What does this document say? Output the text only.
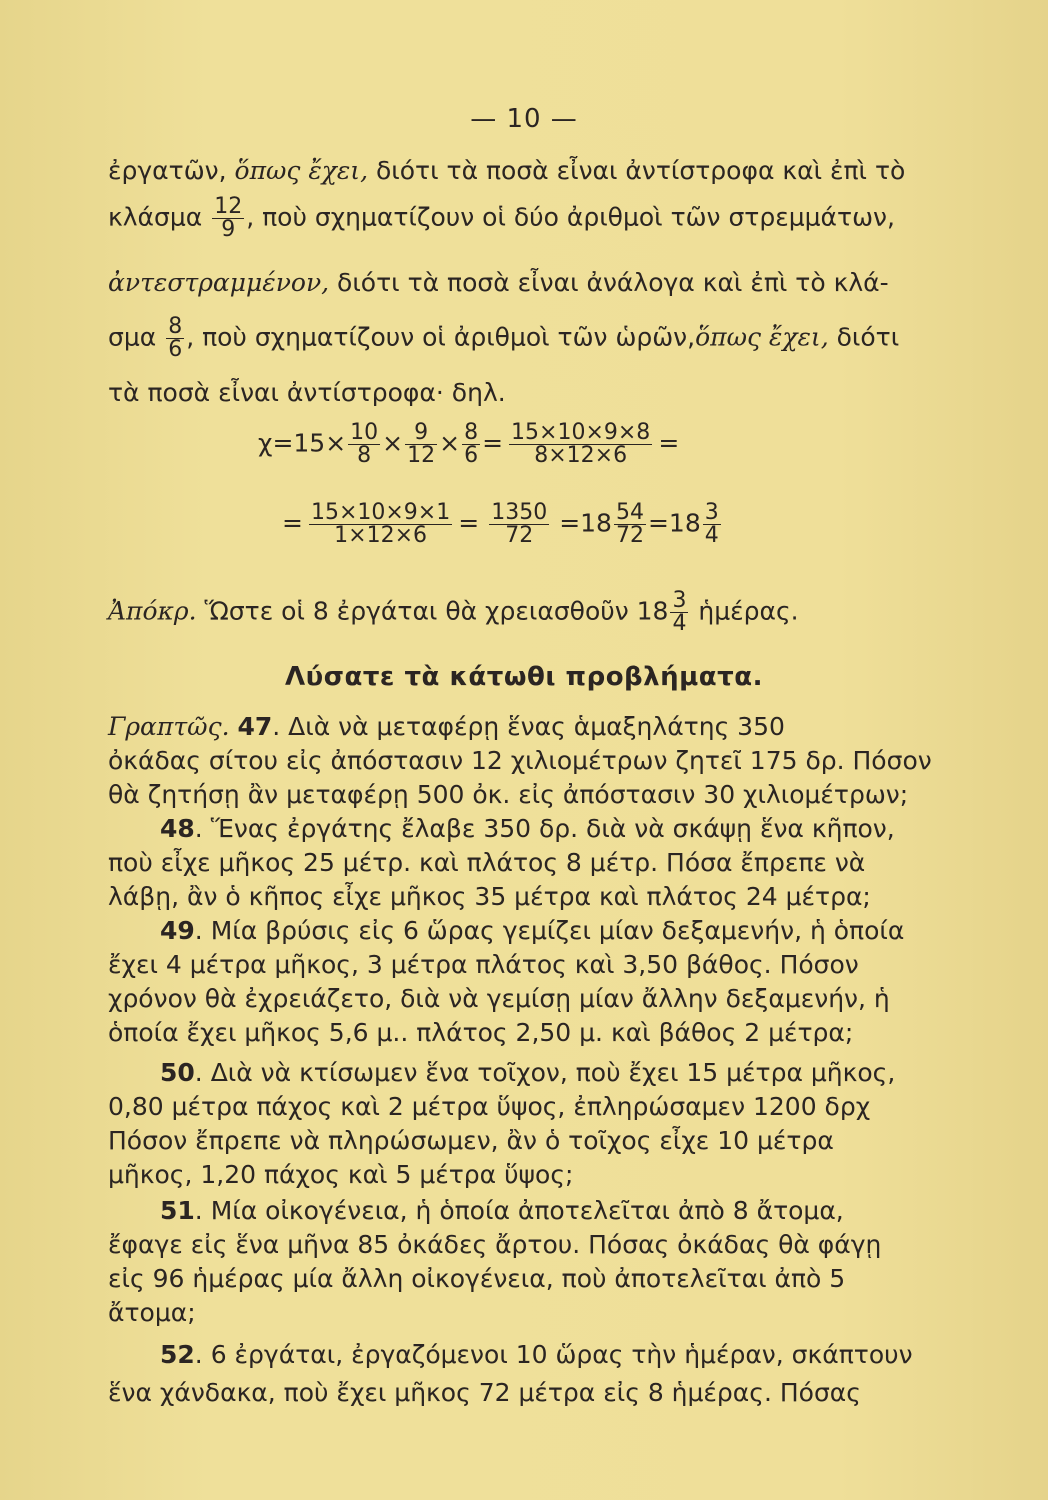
— 10 —
ἐργατῶν, ὅπως ἔχει, διότι τὰ ποσὰ εἶναι ἀντίστροφα καὶ ἐπὶ τὸ
κλάσμα $\frac{12}{9}$ , ποὺ σχηματίζουν οἱ δύο ἀριθμοὶ τῶν στρεμμάτων,
ἀντεστραμμένον, διότι τὰ ποσὰ εἶναι ἀνάλογα καὶ ἐπὶ τὸ κλά-
σμα $\frac{8}{6}$ , ποὺ σχηματίζουν οἱ ἀριθμοὶ τῶν ὡρῶν,ὅπως ἔχει, διότι
τὰ ποσὰ εἶναι ἀντίστροφα· δηλ.
$\chi=15\times \frac{10}{8} \times \frac{9}{12} \times \frac{8}{6} = \frac{15\times 10\times 9\times 8}{8\times 12\times 6}$ =
= $\frac{15\times 10\times 9\times 1}{1\times 12\times 6} = \frac{1350}{72} =18 \frac{54}{72} =18 \frac{3}{4}$
Ἀπόκρ. Ὥστε οἱ 8 ἐργάται θὰ χρειασθοῦν $18 \frac{3}{4}$ ἡμέρας.
Λύσατε τὰ κάτωθι προβλήματα.
Γραπτῶς. 47. Διὰ νὰ μεταφέρῃ ἕνας ἁμαξηλάτης 350
ὀκάδας σίτου εἰς ἀπόστασιν 12 χιλιομέτρων ζητεῖ 175 δρ. Πόσον
θὰ ζητήσῃ ἂν μεταφέρῃ 500 ὀκ. εἰς ἀπόστασιν 30 χιλιομέτρων;
48. Ἕνας ἐργάτης ἔλαβε 350 δρ. διὰ νὰ σκάψῃ ἕνα κῆπον,
ποὺ εἶχε μῆκος 25 μέτρ. καὶ πλάτος 8 μέτρ. Πόσα ἔπρεπε νὰ
λάβῃ, ἂν ὁ κῆπος εἶχε μῆκος 35 μέτρα καὶ πλάτος 24 μέτρα;
49. Μία βρύσις εἰς 6 ὥρας γεμίζει μίαν δεξαμενήν, ἡ ὁποία
ἔχει 4 μέτρα μῆκος, 3 μέτρα πλάτος καὶ 3,50 βάθος. Πόσον
χρόνον θὰ ἐχρειάζετο, διὰ νὰ γεμίσῃ μίαν ἄλλην δεξαμενήν, ἡ
ὁποία ἔχει μῆκος 5,6 μ.. πλάτος 2,50 μ. καὶ βάθος 2 μέτρα;
50. Διὰ νὰ κτίσωμεν ἕνα τοῖχον, ποὺ ἔχει 15 μέτρα μῆκος,
0,80 μέτρα πάχος καὶ 2 μέτρα ὕψος, ἐπληρώσαμεν 1200 δρχ
Πόσον ἔπρεπε νὰ πληρώσωμεν, ἂν ὁ τοῖχος εἶχε 10 μέτρα
μῆκος, 1,20 πάχος καὶ 5 μέτρα ὕψος;
51. Μία οἰκογένεια, ἡ ὁποία ἀποτελεῖται ἀπὸ 8 ἄτομα,
ἔφαγε εἰς ἕνα μῆνα 85 ὀκάδες ἄρτου. Πόσας ὀκάδας θὰ φάγῃ
εἰς 96 ἡμέρας μία ἄλλη οἰκογένεια, ποὺ ἀποτελεῖται ἀπὸ 5
ἄτομα;
52. 6 ἐργάται, ἐργαζόμενοι 10 ὥρας τὴν ἡμέραν, σκάπτουν
ἕνα χάνδακα, ποὺ ἔχει μῆκος 72 μέτρα εἰς 8 ἡμέρας. Πόσας
